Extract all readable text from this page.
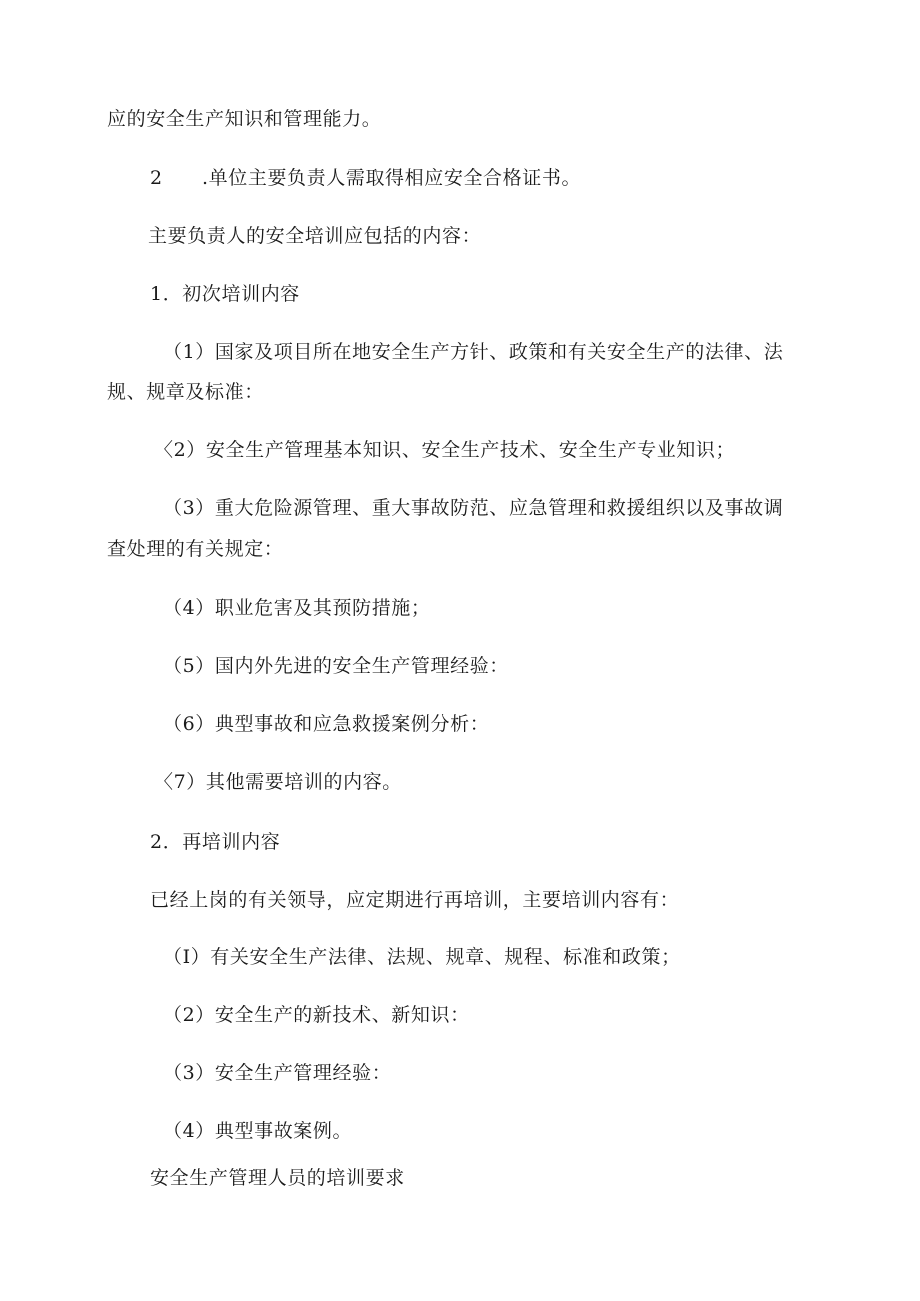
应的安全生产知识和管理能力。
2 .单位主要负责人需取得相应安全合格证书。
主要负责人的安全培训应包括的内容：
1．初次培训内容
（1）国家及项目所在地安全生产方针、政策和有关安全生产的法律、法
规、规章及标准：
〈2）安全生产管理基本知识、安全生产技术、安全生产专业知识；
（3）重大危险源管理、重大事故防范、应急管理和救援组织以及事故调
查处理的有关规定：
（4）职业危害及其预防措施；
（5）国内外先进的安全生产管理经验：
（6）典型事故和应急救援案例分析：
〈7）其他需要培训的内容。
2．再培训内容
已经上岗的有关领导，应定期进行再培训，主要培训内容有：
（I）有关安全生产法律、法规、规章、规程、标准和政策；
（2）安全生产的新技术、新知识：
（3）安全生产管理经验：
（4）典型事故案例。
安全生产管理人员的培训要求
